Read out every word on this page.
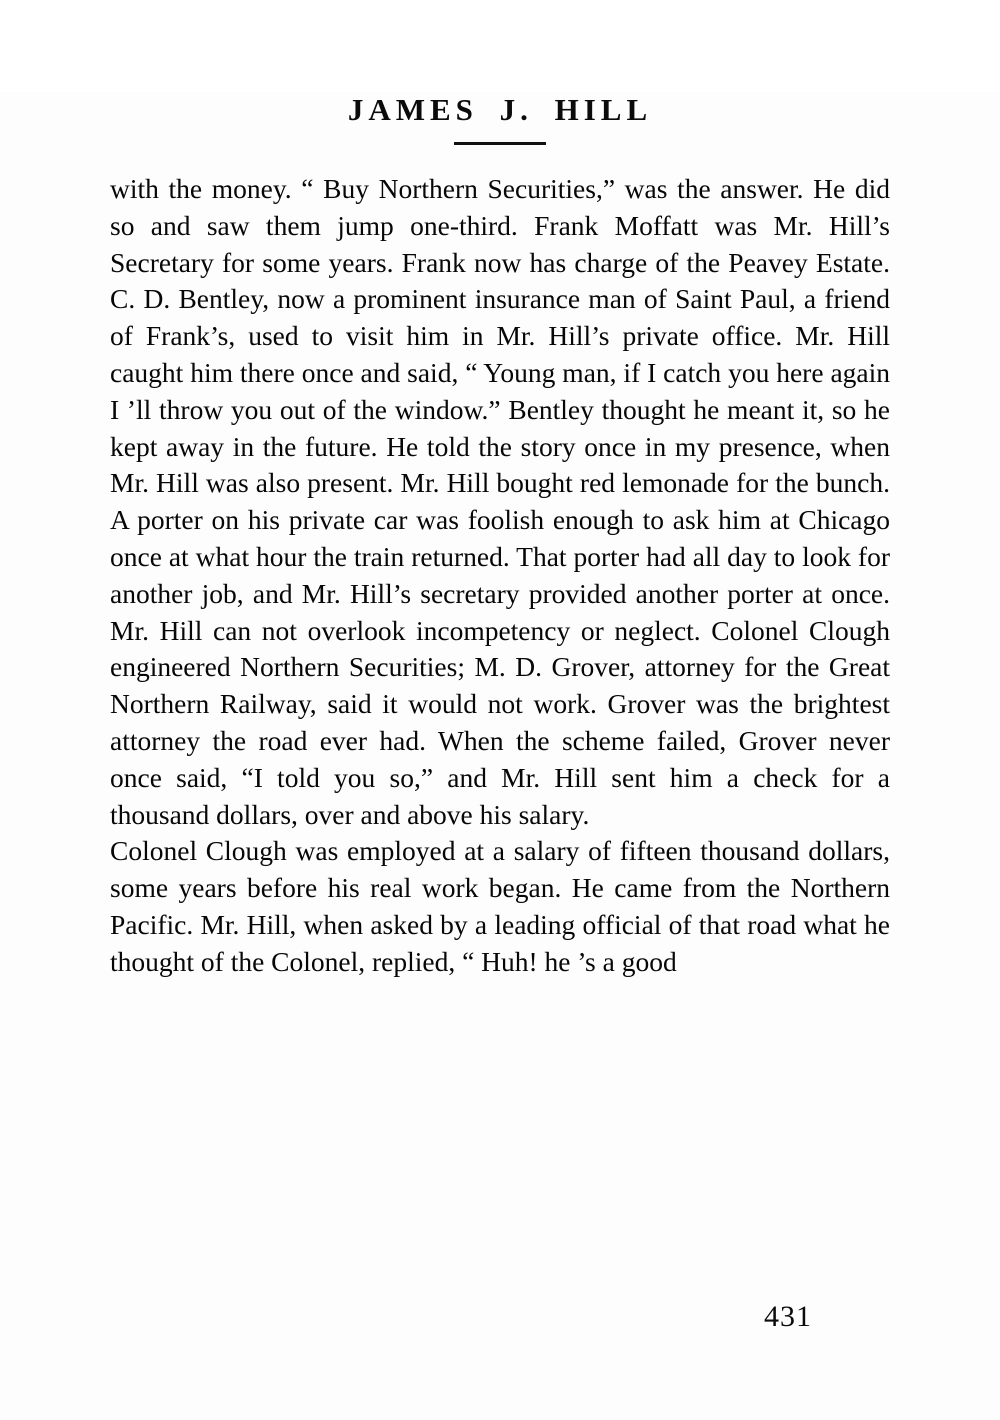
JAMES J. HILL

with the money. “ Buy Northern Securities,” was the answer. He did so and saw them jump one-third. Frank Moffatt was Mr. Hill’s Secretary for some years. Frank now has charge of the Peavey Estate. C. D. Bentley, now a prominent insurance man of Saint Paul, a friend of Frank’s, used to visit him in Mr. Hill’s private office. Mr. Hill caught him there once and said, “ Young man, if I catch you here again I ’ll throw you out of the window.” Bentley thought he meant it, so he kept away in the future. He told the story once in my presence, when Mr. Hill was also present. Mr. Hill bought red lemonade for the bunch. A porter on his private car was foolish enough to ask him at Chicago once at what hour the train returned. That porter had all day to look for another job, and Mr. Hill’s secretary provided another porter at once. Mr. Hill can not overlook incompetency or neglect. Colonel Clough engineered Northern Securities; M. D. Grover, attorney for the Great Northern Railway, said it would not work. Grover was the brightest attorney the road ever had. When the scheme failed, Grover never once said, “I told you so,” and Mr. Hill sent him a check for a thousand dollars, over and above his salary.

Colonel Clough was employed at a salary of fifteen thousand dollars, some years before his real work began. He came from the Northern Pacific. Mr. Hill, when asked by a leading official of that road what he thought of the Colonel, replied, “ Huh! he ’s a good

431
